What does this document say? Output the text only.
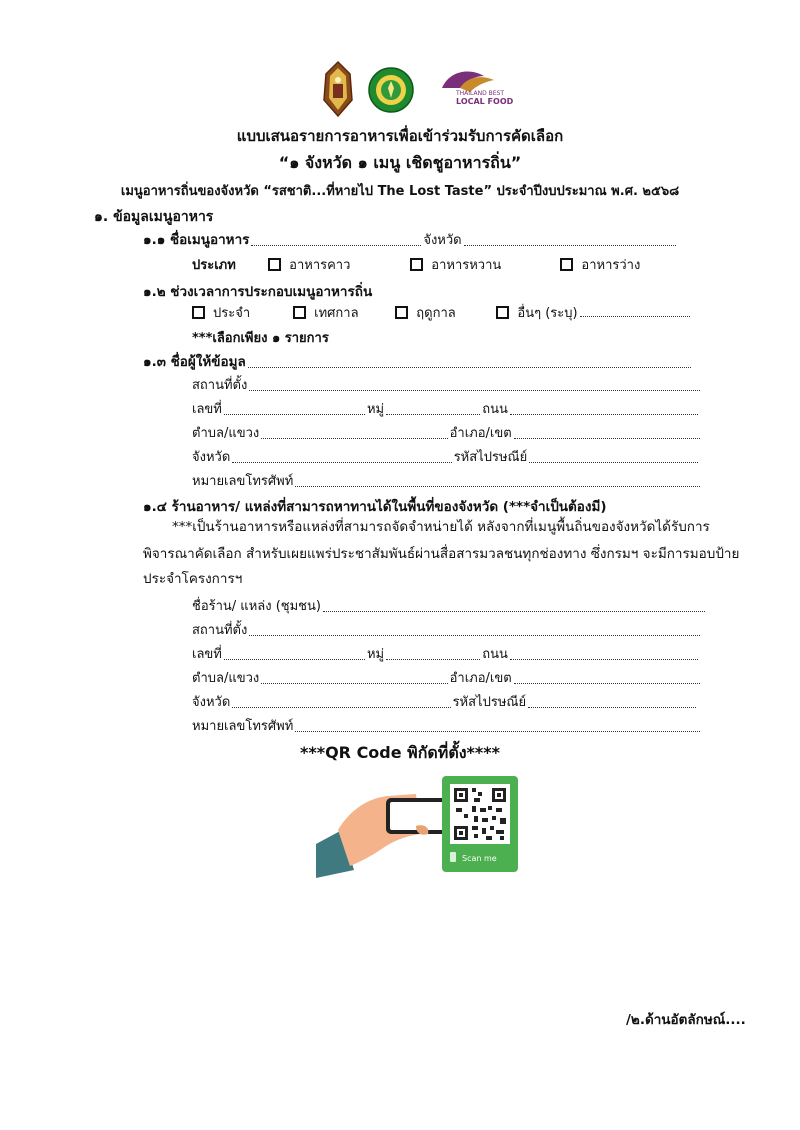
THAILAND BEST
LOCAL FOOD
แบบเสนอรายการอาหารเพื่อเข้าร่วมรับการคัดเลือก
“๑ จังหวัด ๑ เมนู เชิดชูอาหารถิ่น”
เมนูอาหารถิ่นของจังหวัด “รสชาติ...ที่หายไป The Lost Taste” ประจำปีงบประมาณ พ.ศ. ๒๕๖๘
๑. ข้อมูลเมนูอาหาร
๑.๑ ชื่อเมนูอาหาร	จังหวัด
ประเภท	อาหารคาว	อาหารหวาน	อาหารว่าง
๑.๒ ช่วงเวลาการประกอบเมนูอาหารถิ่น
ประจำ	เทศกาล	ฤดูกาล	อื่นๆ (ระบุ)
***เลือกเพียง ๑ รายการ
๑.๓ ชื่อผู้ให้ข้อมูล
สถานที่ตั้ง
เลขที่	หมู่	ถนน
ตำบล/แขวง	อำเภอ/เขต
จังหวัด	รหัสไปรษณีย์
หมายเลขโทรศัพท์
๑.๔ ร้านอาหาร/ แหล่งที่สามารถหาทานได้ในพื้นที่ของจังหวัด (***จำเป็นต้องมี)
***เป็นร้านอาหารหรือแหล่งที่สามารถจัดจำหน่ายได้ หลังจากที่เมนูพื้นถิ่นของจังหวัดได้รับการ
พิจารณาคัดเลือก สำหรับเผยแพร่ประชาสัมพันธ์ผ่านสื่อสารมวลชนทุกช่องทาง ซึ่งกรมฯ จะมีการมอบป้าย
ประจำโครงการฯ
ชื่อร้าน/ แหล่ง (ชุมชน)
สถานที่ตั้ง
เลขที่	หมู่	ถนน
ตำบล/แขวง	อำเภอ/เขต
จังหวัด	รหัสไปรษณีย์
หมายเลขโทรศัพท์
***QR Code พิกัดที่ตั้ง****
Scan me
/๒.ด้านอัตลักษณ์....
